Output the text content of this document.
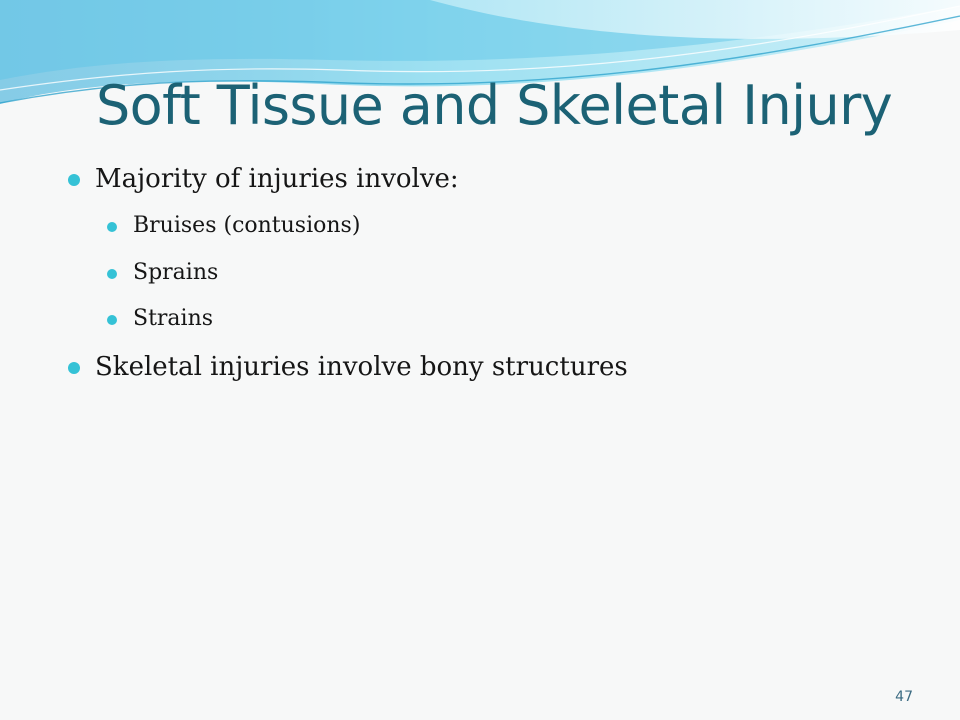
Soft Tissue and Skeletal Injury
Majority of injuries involve:
Bruises (contusions)
Sprains
Strains
Skeletal injuries involve bony structures
47
